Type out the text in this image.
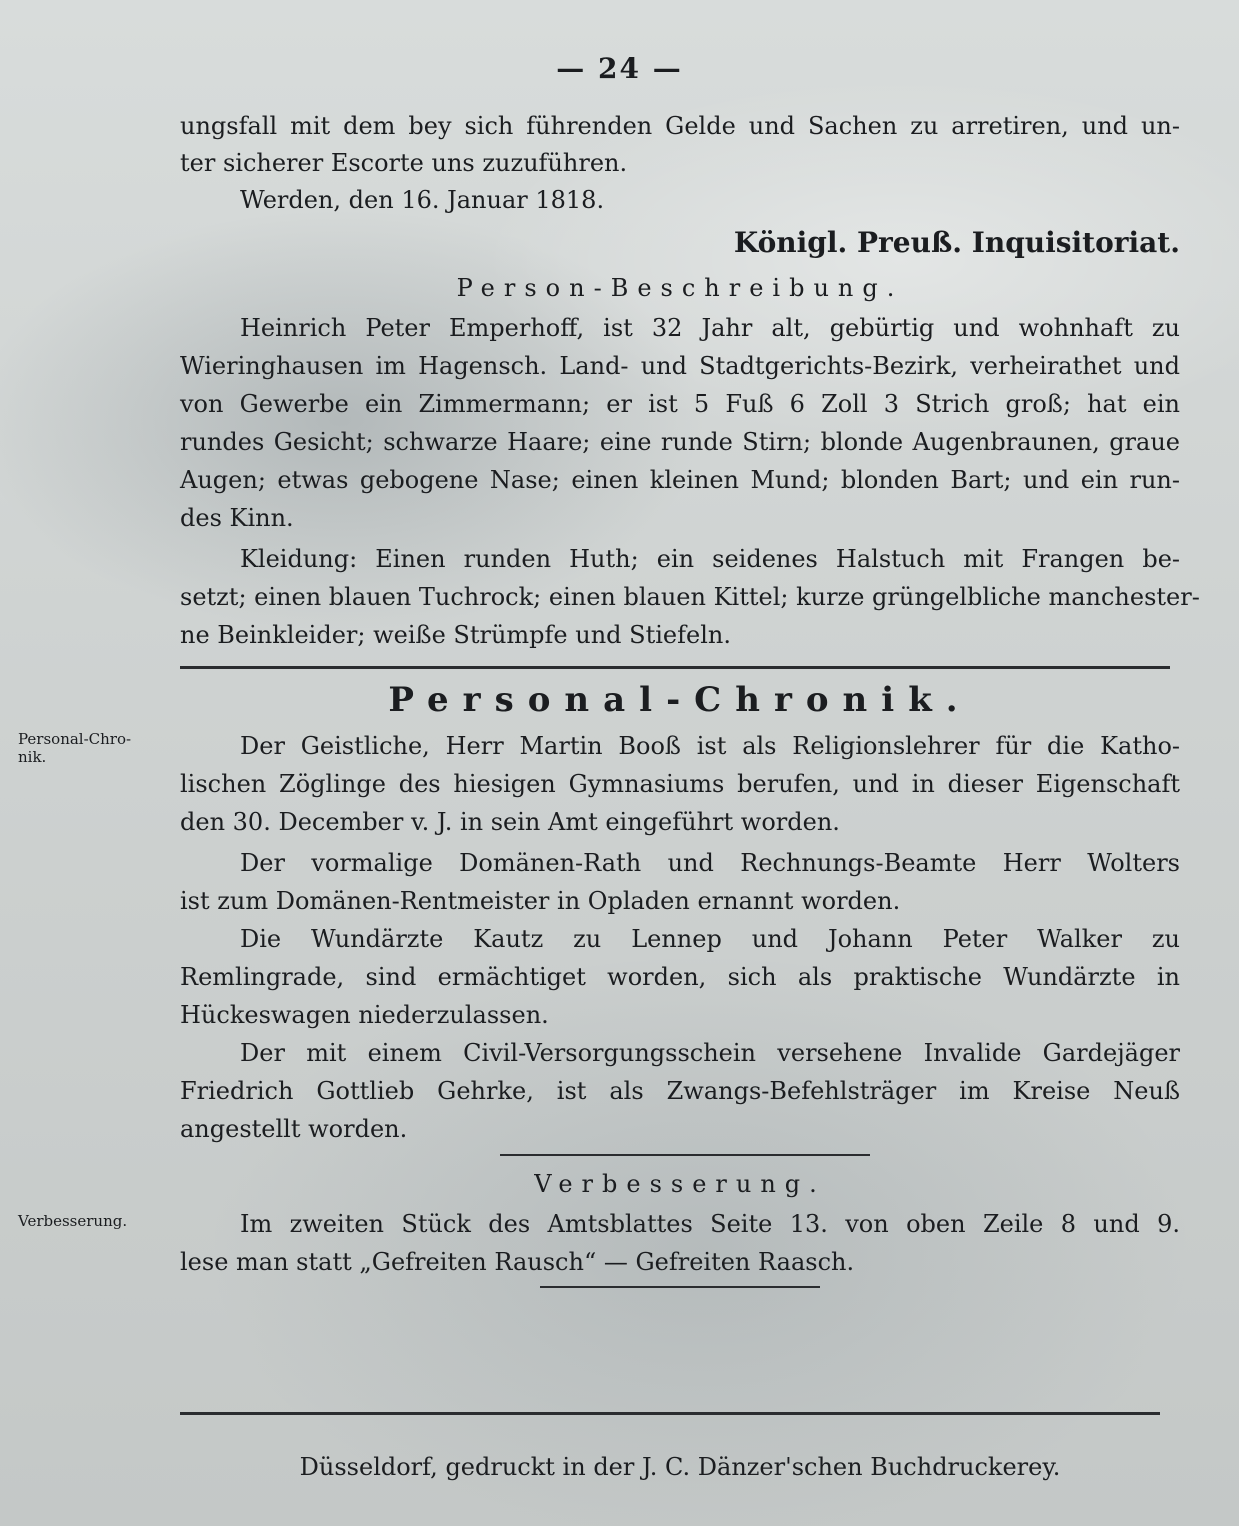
— 24 —
ungsfall mit dem bey sich führenden Gelde und Sachen zu arretiren, und un-
ter sicherer Escorte uns zuzuführen.
Werden, den 16. Januar 1818.
Königl. Preuß. Inquisitoriat.
Person-Beschreibung.
Heinrich Peter Emperhoff, ist 32 Jahr alt, gebürtig und wohnhaft zu
Wieringhausen im Hagensch. Land- und Stadtgerichts-Bezirk, verheirathet und
von Gewerbe ein Zimmermann; er ist 5 Fuß 6 Zoll 3 Strich groß; hat ein
rundes Gesicht; schwarze Haare; eine runde Stirn; blonde Augenbraunen, graue
Augen; etwas gebogene Nase; einen kleinen Mund; blonden Bart; und ein run-
des Kinn.
Kleidung: Einen runden Huth; ein seidenes Halstuch mit Frangen be-
setzt; einen blauen Tuchrock; einen blauen Kittel; kurze grüngelbliche manchester-
ne Beinkleider; weiße Strümpfe und Stiefeln.
Personal-Chronik.
Personal-Chro-
nik.	Der Geistliche, Herr Martin Booß ist als Religionslehrer für die Katho-
lischen Zöglinge des hiesigen Gymnasiums berufen, und in dieser Eigenschaft
den 30. December v. J. in sein Amt eingeführt worden.
Der vormalige Domänen-Rath und Rechnungs-Beamte Herr Wolters
ist zum Domänen-Rentmeister in Opladen ernannt worden.
Die Wundärzte Kautz zu Lennep und Johann Peter Walker zu
Remlingrade, sind ermächtiget worden, sich als praktische Wundärzte in
Hückeswagen niederzulassen.
Der mit einem Civil-Versorgungsschein versehene Invalide Gardejäger
Friedrich Gottlieb Gehrke, ist als Zwangs-Befehlsträger im Kreise Neuß
angestellt worden.
Verbesserung.
Verbesserung.	Im zweiten Stück des Amtsblattes Seite 13. von oben Zeile 8 und 9.
lese man statt „Gefreiten Rausch“ — Gefreiten Raasch.
Düsseldorf, gedruckt in der J. C. Dänzer'schen Buchdruckerey.
